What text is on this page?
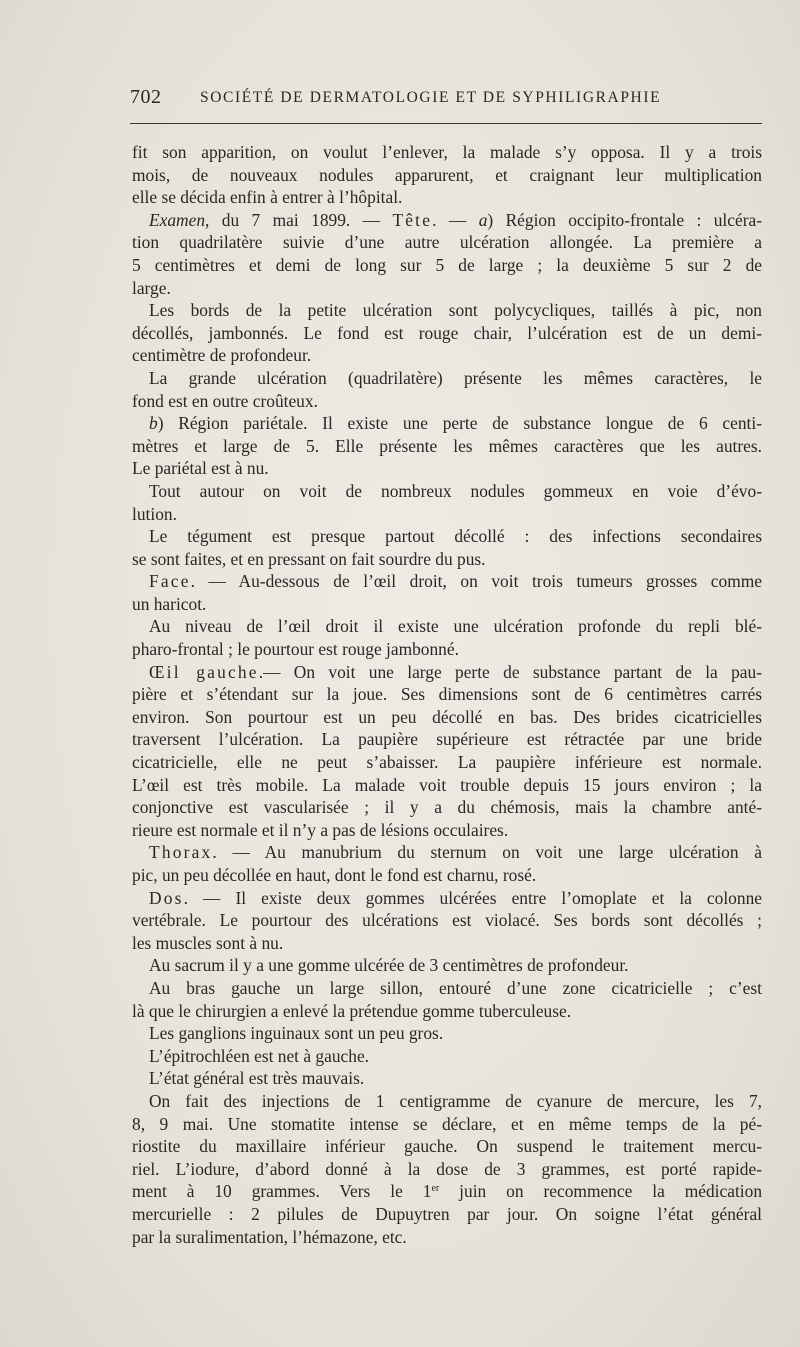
702 SOCIÉTÉ DE DERMATOLOGIE ET DE SYPHILIGRAPHIE

fit son apparition, on voulut l’enlever, la malade s’y opposa. Il y a trois
mois, de nouveaux nodules apparurent, et craignant leur multiplication
elle se décida enfin à entrer à l’hôpital.

Examen, du 7 mai 1899. — Tête. — a) Région occipito-frontale : ulcéra-
tion quadrilatère suivie d’une autre ulcération allongée. La première a
5 centimètres et demi de long sur 5 de large ; la deuxième 5 sur 2 de
large.

Les bords de la petite ulcération sont polycycliques, taillés à pic, non
décollés, jambonnés. Le fond est rouge chair, l’ulcération est de un demi-
centimètre de profondeur.

La grande ulcération (quadrilatère) présente les mêmes caractères, le
fond est en outre croûteux.

b) Région pariétale. Il existe une perte de substance longue de 6 centi-
mètres et large de 5. Elle présente les mêmes caractères que les autres.
Le pariétal est à nu.

Tout autour on voit de nombreux nodules gommeux en voie d’évo-
lution.

Le tégument est presque partout décollé : des infections secondaires
se sont faites, et en pressant on fait sourdre du pus.

Face. — Au-dessous de l’œil droit, on voit trois tumeurs grosses comme
un haricot.

Au niveau de l’œil droit il existe une ulcération profonde du repli blé-
pharo-frontal ; le pourtour est rouge jambonné.

Œil gauche.— On voit une large perte de substance partant de la pau-
pière et s’étendant sur la joue. Ses dimensions sont de 6 centimètres carrés
environ. Son pourtour est un peu décollé en bas. Des brides cicatricielles
traversent l’ulcération. La paupière supérieure est rétractée par une bride
cicatricielle, elle ne peut s’abaisser. La paupière inférieure est normale.
L’œil est très mobile. La malade voit trouble depuis 15 jours environ ; la
conjonctive est vascularisée ; il y a du chémosis, mais la chambre anté-
rieure est normale et il n’y a pas de lésions occulaires.

Thorax. — Au manubrium du sternum on voit une large ulcération à
pic, un peu décollée en haut, dont le fond est charnu, rosé.

Dos. — Il existe deux gommes ulcérées entre l’omoplate et la colonne
vertébrale. Le pourtour des ulcérations est violacé. Ses bords sont décollés ;
les muscles sont à nu.

Au sacrum il y a une gomme ulcérée de 3 centimètres de profondeur.

Au bras gauche un large sillon, entouré d’une zone cicatricielle ; c’est
là que le chirurgien a enlevé la prétendue gomme tuberculeuse.

Les ganglions inguinaux sont un peu gros.

L’épitrochléen est net à gauche.

L’état général est très mauvais.

On fait des injections de 1 centigramme de cyanure de mercure, les 7,
8, 9 mai. Une stomatite intense se déclare, et en même temps de la pé-
riostite du maxillaire inférieur gauche. On suspend le traitement mercu-
riel. L’iodure, d’abord donné à la dose de 3 grammes, est porté rapide-
ment à 10 grammes. Vers le 1er juin on recommence la médication
mercurielle : 2 pilules de Dupuytren par jour. On soigne l’état général
par la suralimentation, l’hémazone, etc.
